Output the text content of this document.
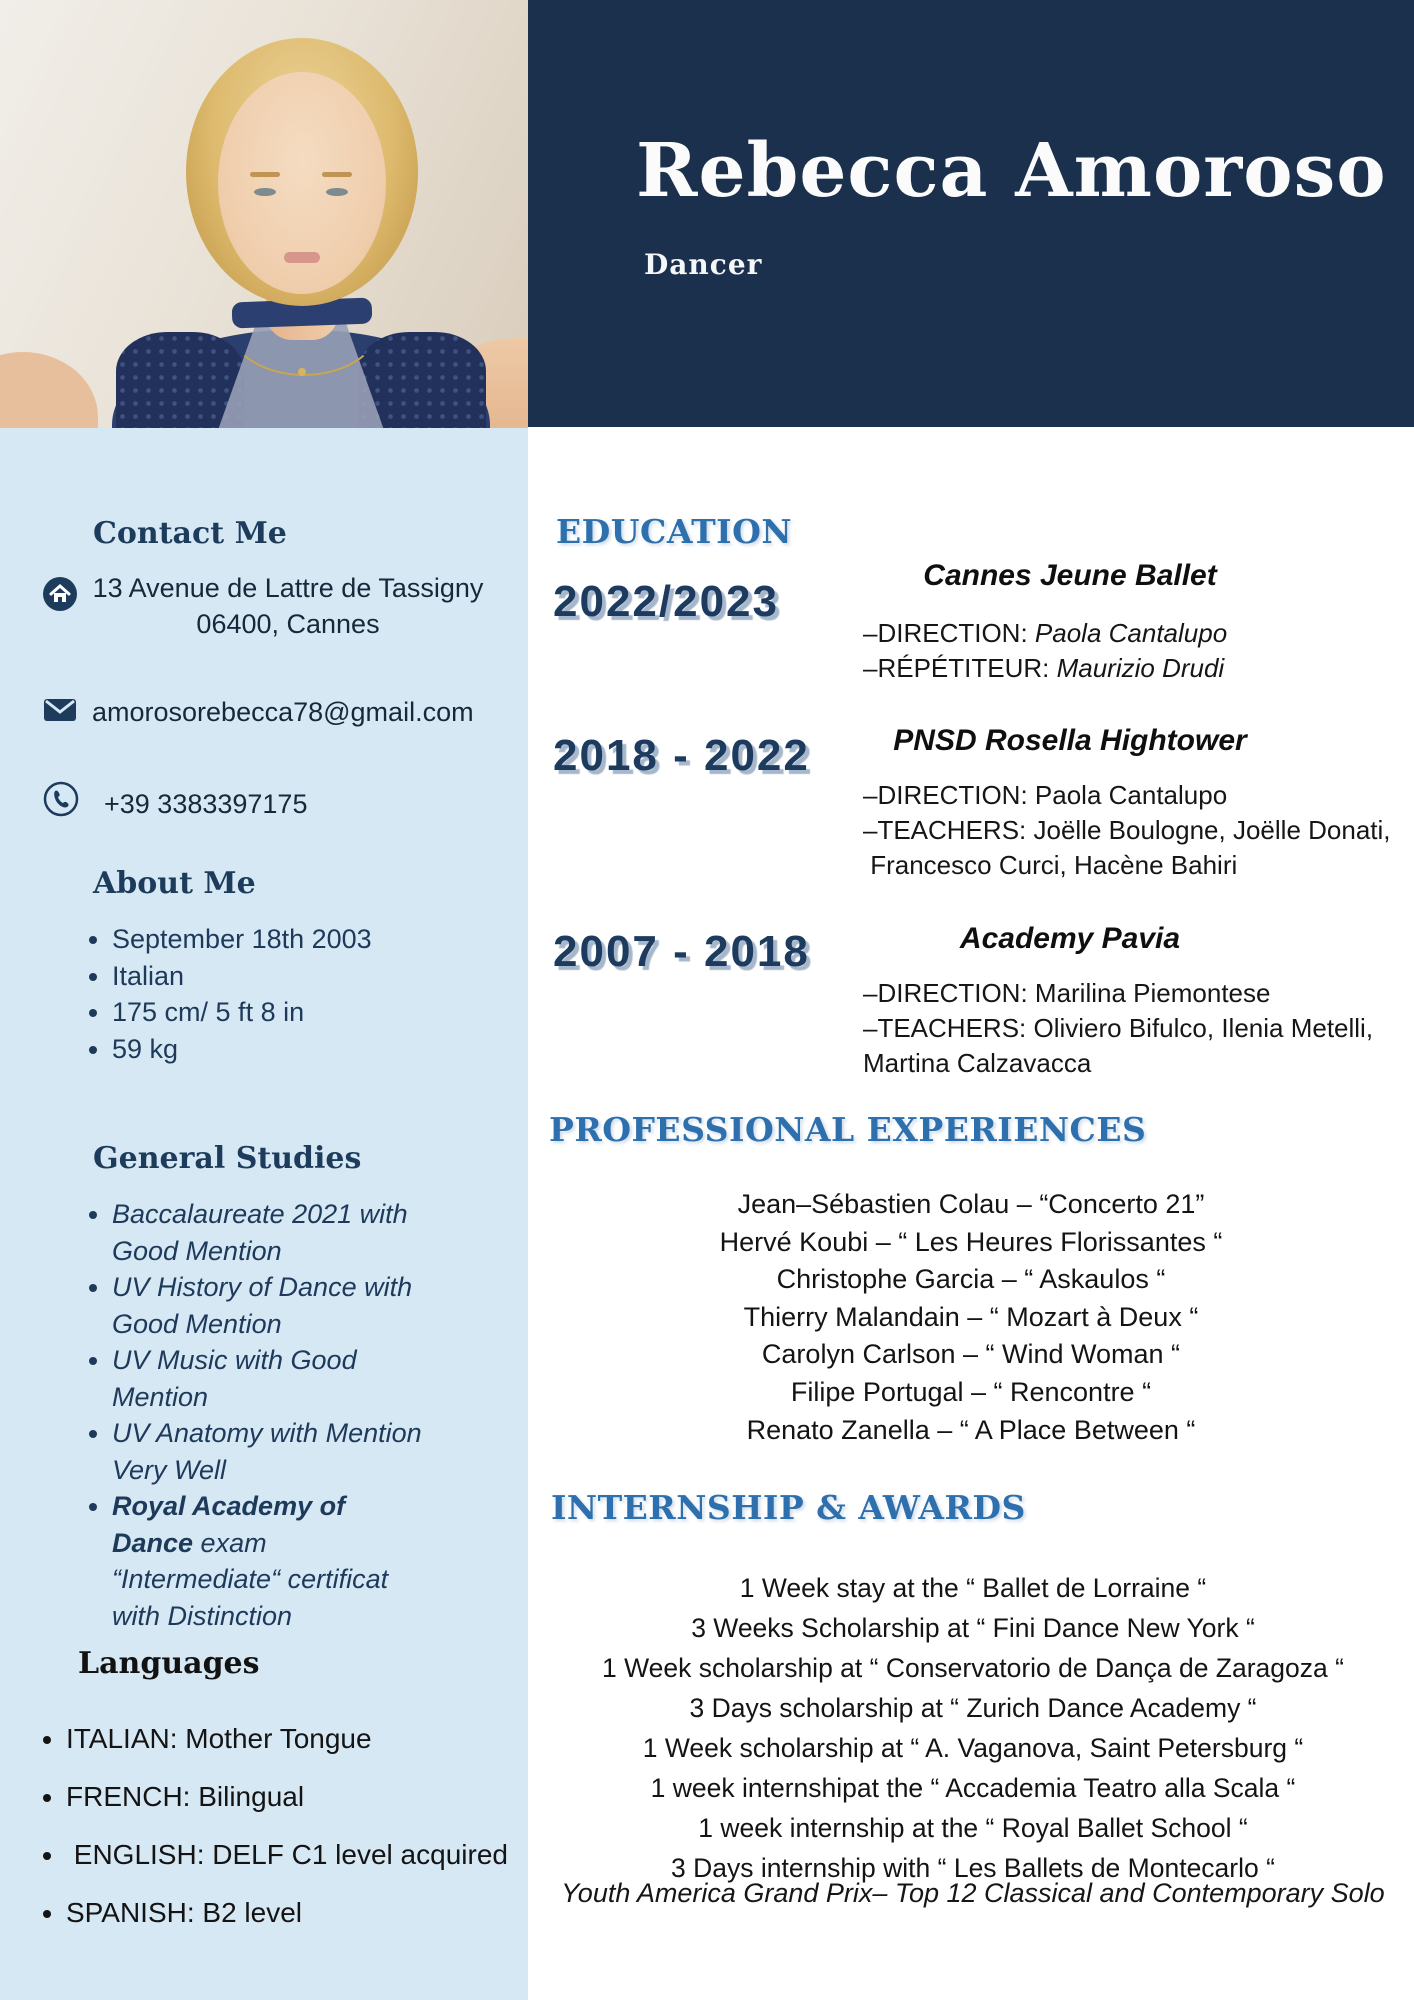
Contact Me
13 Avenue de Lattre de Tassigny
06400, Cannes
amorosorebecca78@gmail.com
+39 3383397175
About Me
• September 18th 2003
• Italian
• 175 cm/ 5 ft 8 in
• 59 kg
General Studies
• Baccalaureate 2021 with Good Mention
• UV History of Dance with Good Mention
• UV Music with Good Mention
• UV Anatomy with Mention Very Well
• Royal Academy of Dance exam “Intermediate“ certificat with Distinction
Languages
• ITALIAN: Mother Tongue
• FRENCH: Bilingual
•  ENGLISH: DELF C1 level acquired
• SPANISH: B2 level
Rebecca Amoroso
Dancer
EDUCATION
2022/2023
Cannes Jeune Ballet
–DIRECTION: Paola Cantalupo
–RÉPÉTITEUR: Maurizio Drudi
2018 - 2022	PNSD Rosella Hightower
–DIRECTION: Paola Cantalupo
–TEACHERS: Joëlle Boulogne, Joëlle Donati,
Francesco Curci, Hacène Bahiri
2007 - 2018	Academy Pavia
–DIRECTION: Marilina Piemontese
–TEACHERS: Oliviero Bifulco, Ilenia Metelli,
Martina Calzavacca
PROFESSIONAL EXPERIENCES
Jean–Sébastien Colau – “Concerto 21”
Hervé Koubi – “ Les Heures Florissantes “
Christophe Garcia – “ Askaulos “
Thierry Malandain – “ Mozart à Deux “
Carolyn Carlson – “ Wind Woman “
Filipe Portugal – “ Rencontre “
Renato Zanella – “ A Place Between “
INTERNSHIP & AWARDS
1 Week stay at the “ Ballet de Lorraine “
3 Weeks Scholarship at “ Fini Dance New York “
1 Week scholarship at “ Conservatorio de Dança de Zaragoza “
3 Days scholarship at “ Zurich Dance Academy “
1 Week scholarship at “ A. Vaganova, Saint Petersburg “
1 week internshipat the “ Accademia Teatro alla Scala “
1 week internship at the “ Royal Ballet School “
3 Days internship with “ Les Ballets de Montecarlo “
Youth America Grand Prix– Top 12 Classical and Contemporary Solo
